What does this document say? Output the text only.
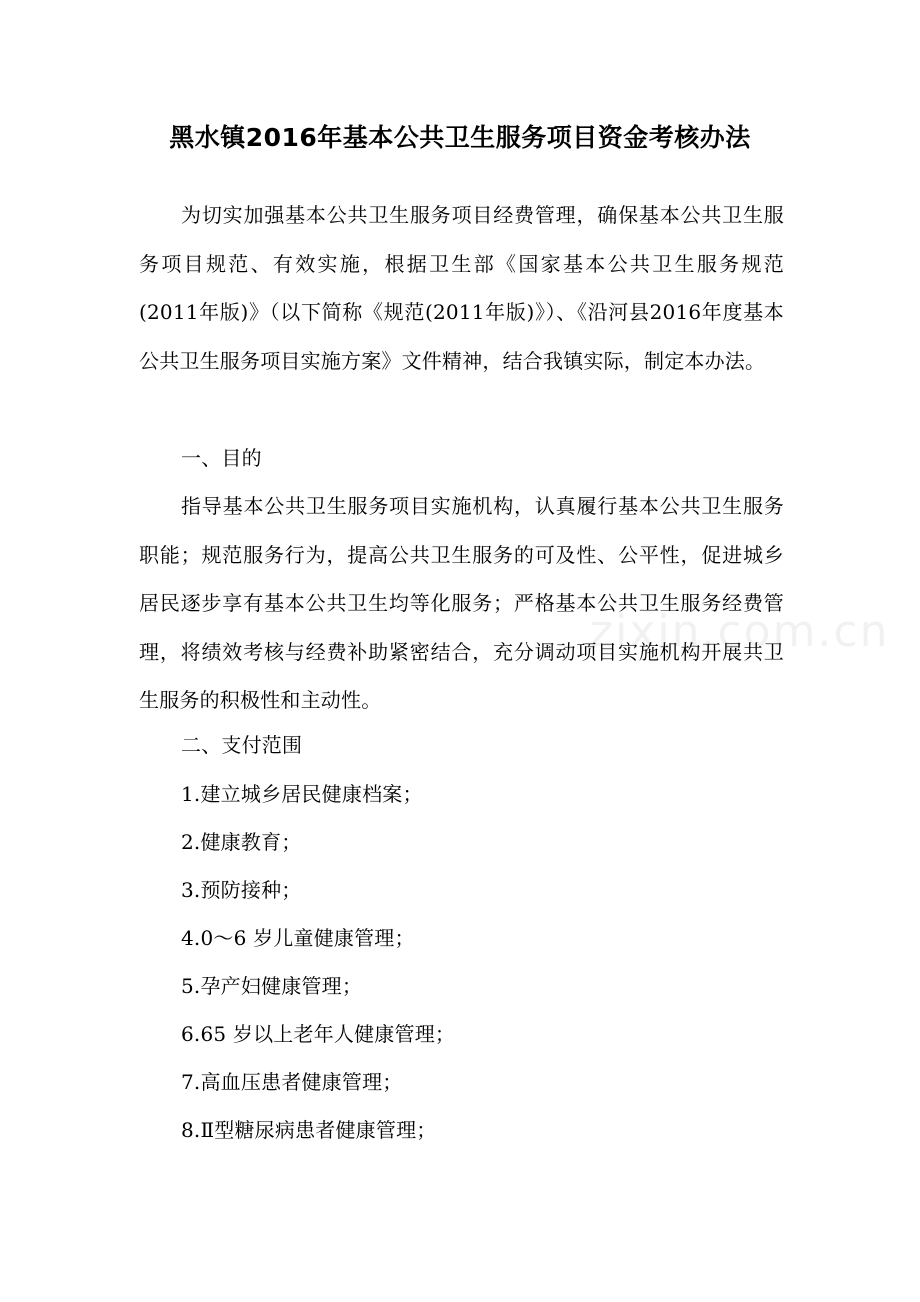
黑水镇2016年基本公共卫生服务项目资金考核办法
为切实加强基本公共卫生服务项目经费管理，确保基本公共卫生服务项目规范、有效实施，根据卫生部《国家基本公共卫生服务规范(2011年版)》（以下简称《规范(2011年版)》）、《沿河县2016年度基本公共卫生服务项目实施方案》文件精神，结合我镇实际，制定本办法。
一、目的
指导基本公共卫生服务项目实施机构，认真履行基本公共卫生服务职能；规范服务行为，提高公共卫生服务的可及性、公平性，促进城乡居民逐步享有基本公共卫生均等化服务；严格基本公共卫生服务经费管理，将绩效考核与经费补助紧密结合，充分调动项目实施机构开展共卫生服务的积极性和主动性。
二、支付范围
1.建立城乡居民健康档案；
2.健康教育；
3.预防接种；
4.0～6 岁儿童健康管理；
5.孕产妇健康管理；
6.65 岁以上老年人健康管理；
7.高血压患者健康管理；
8.Ⅱ型糖尿病患者健康管理；
zixin.com.cn
